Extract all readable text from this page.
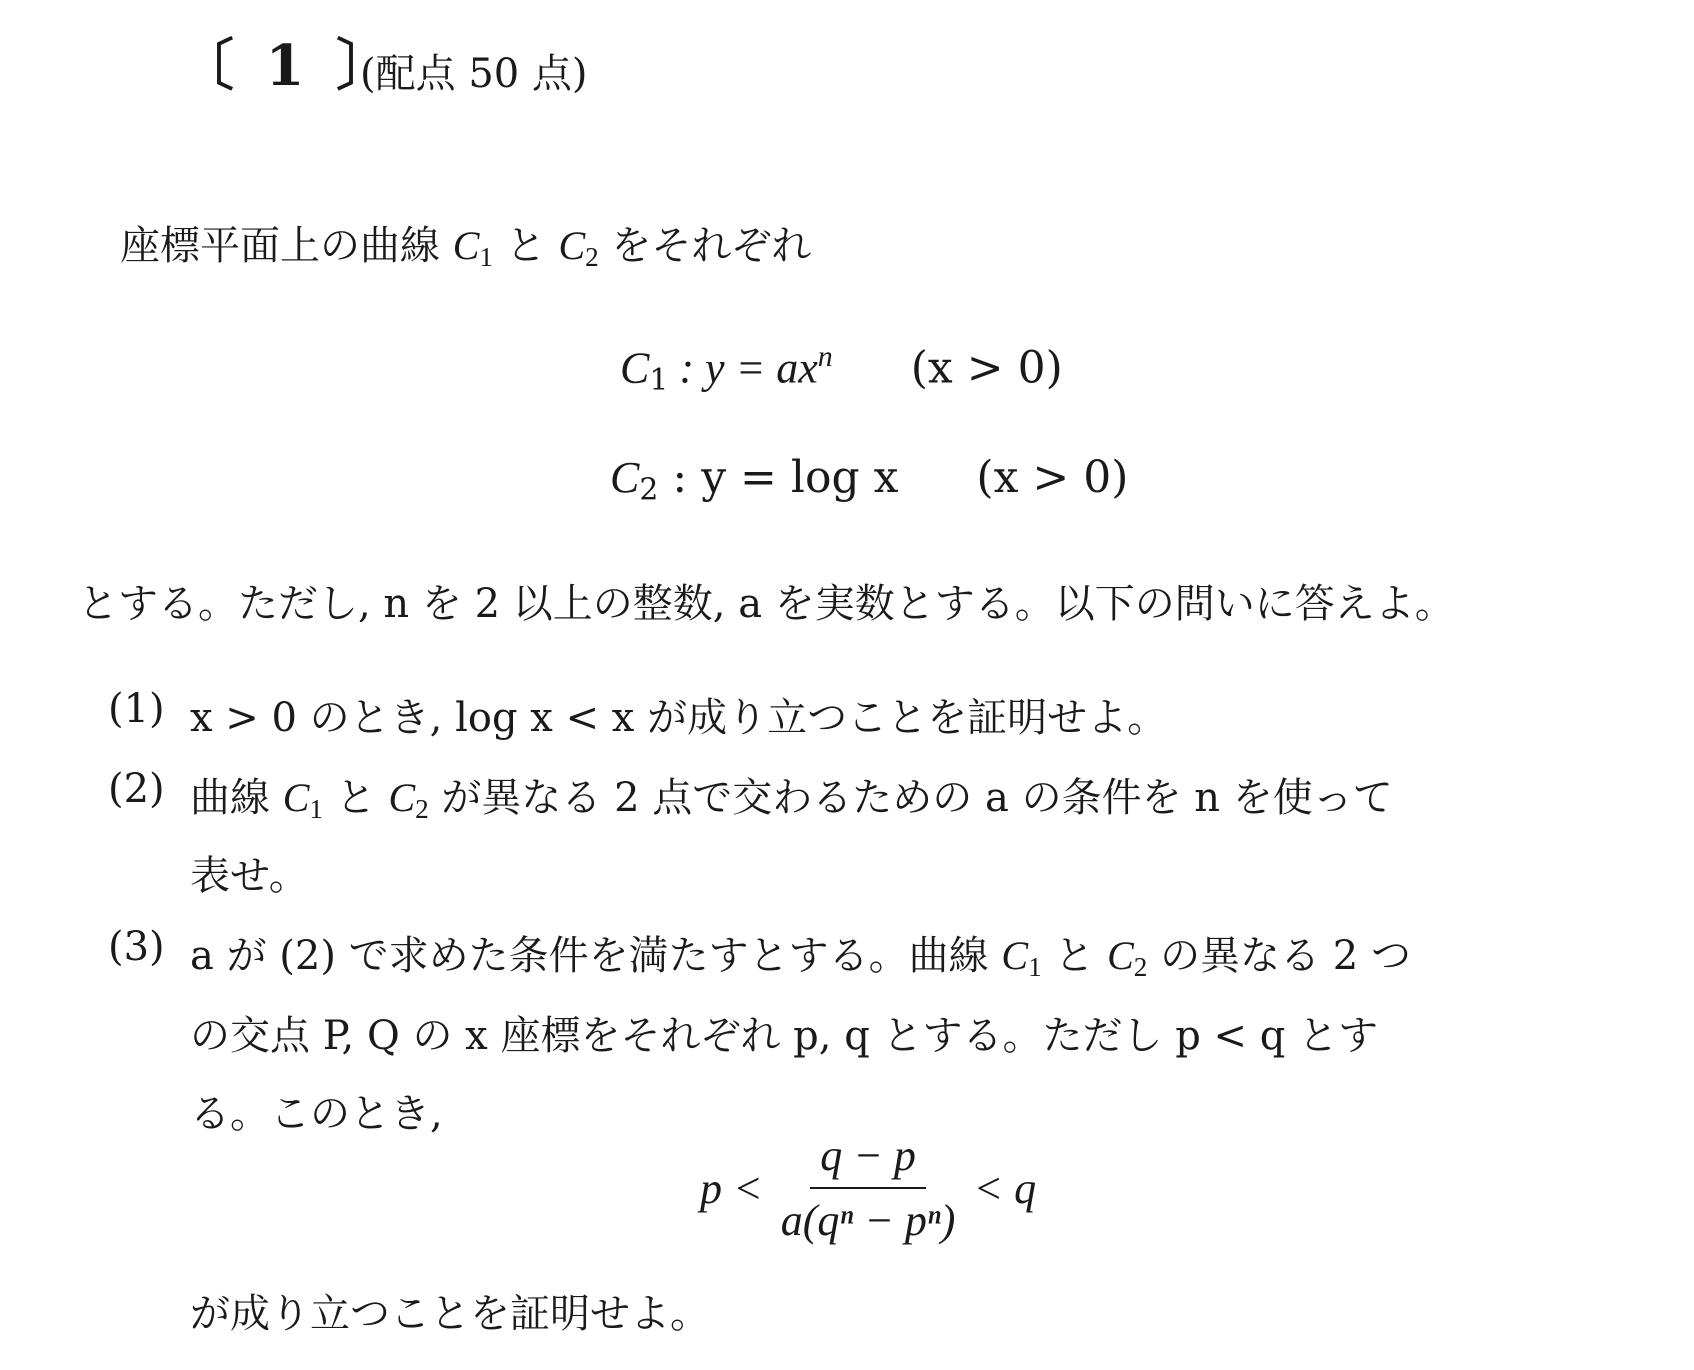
〔 1 〕
(配点 50 点)
座標平面上の曲線 $C_1$ と $C_2$ をそれぞれ
$C_1$ : $y = ax^n$ (x > 0)
$C_2$ : y = log x (x > 0)
とする。ただし, n を 2 以上の整数, a を実数とする。以下の問いに答えよ。
(1) x > 0 のとき, log x < x が成り立つことを証明せよ。
(2) 曲線 $C_1$ と $C_2$ が異なる 2 点で交わるための a の条件を n を使って
表せ。
(3) a が (2) で求めた条件を満たすとする。曲線 $C_1$ と $C_2$ の異なる 2 つ
の交点 P, Q の x 座標をそれぞれ p, q とする。ただし p < q とす
る。このとき,
$p < \frac{q - p}{\text{a(qⁿ − pⁿ)}} < q$
が成り立つことを証明せよ。
